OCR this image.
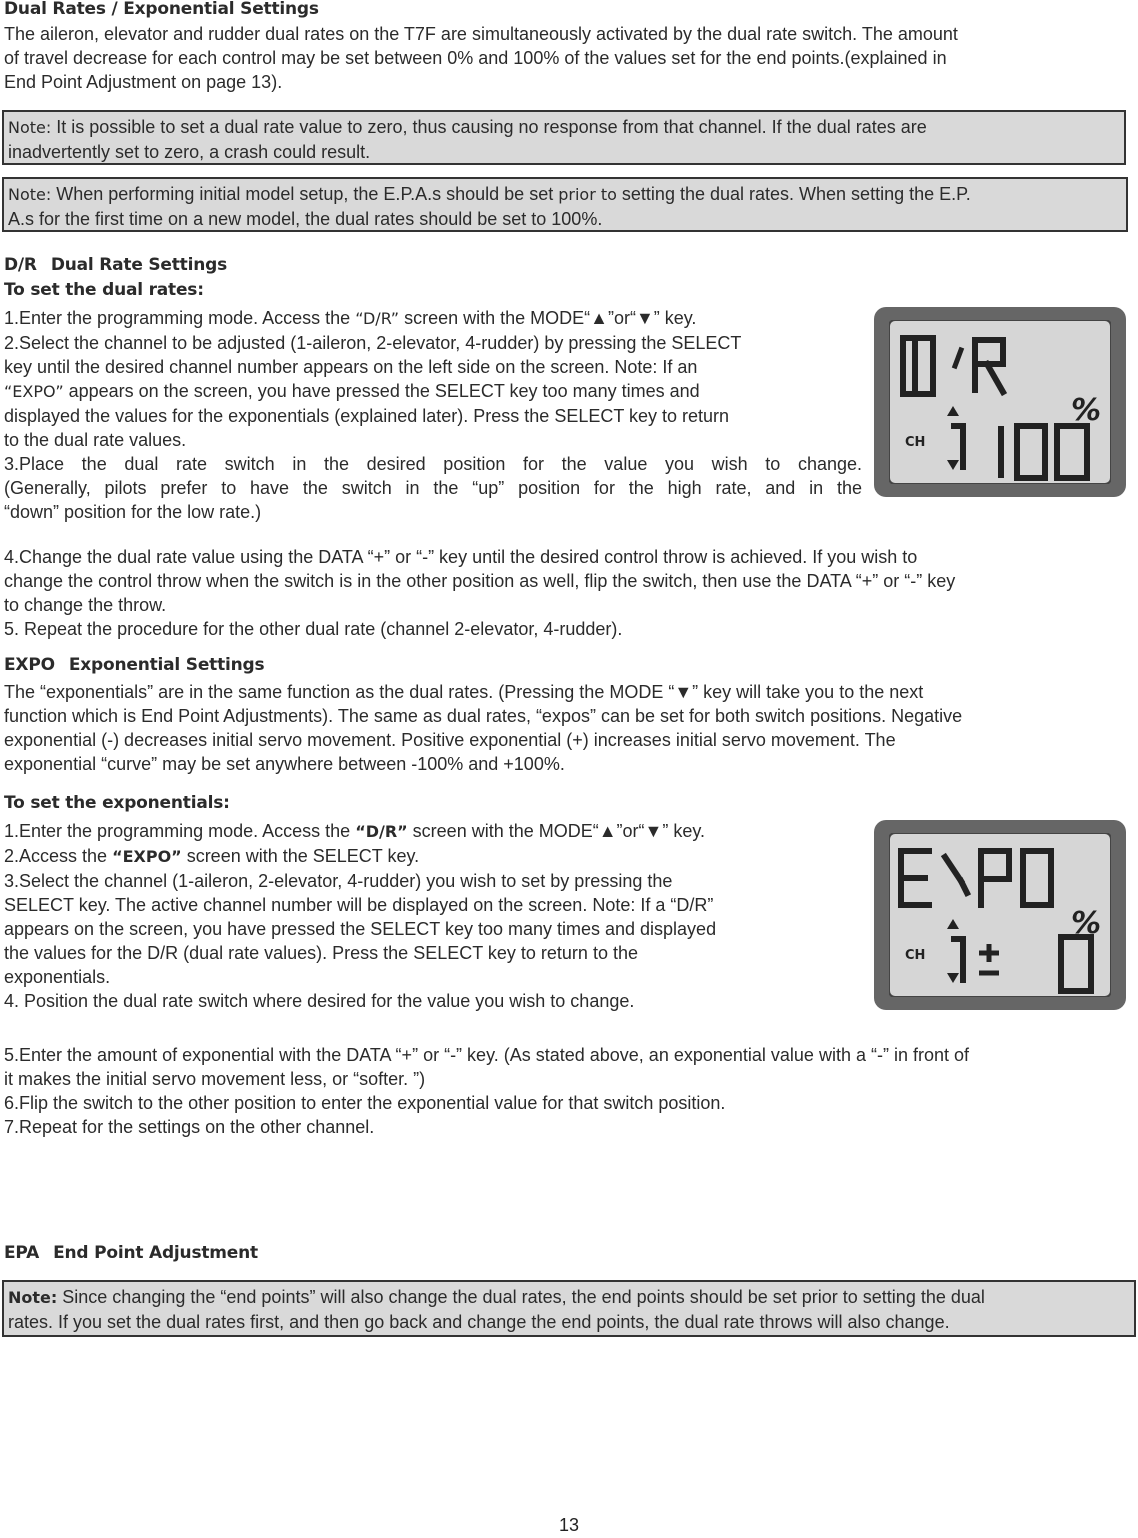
Dual Rates / Exponential Settings
The aileron, elevator and rudder dual rates on the T7F are simultaneously activated by the dual rate switch. The amount
of travel decrease for each control may be set between 0% and 100% of the values set for the end points.(explained in
End Point Adjustment on page 13).
Note: It is possible to set a dual rate value to zero, thus causing no response from that channel. If the dual rates are
inadvertently set to zero, a crash could result.
Note: When performing initial model setup, the E.P.A.s should be set prior to setting the dual rates. When setting the E.P.
A.s for the first time on a new model, the dual rates should be set to 100%.
D/R Dual Rate Settings
To set the dual rates:
1.Enter the programming mode. Access the “D/R” screen with the MODE“▲”or“▼” key.
2.Select the channel to be adjusted (1-aileron, 2-elevator, 4-rudder) by pressing the SELECT
key until the desired channel number appears on the left side on the screen. Note: If an
“EXPO” appears on the screen, you have pressed the SELECT key too many times and
displayed the values for the exponentials (explained later). Press the SELECT key to return
to the dual rate values.
3.Place the dual rate switch in the desired position for the value you wish to change.
(Generally, pilots prefer to have the switch in the “up” position for the high rate, and in the
“down” position for the low rate.)
%
CH
4.Change the dual rate value using the DATA “+” or “-” key until the desired control throw is achieved. If you wish to
change the control throw when the switch is in the other position as well, flip the switch, then use the DATA “+” or “-” key
to change the throw.
5. Repeat the procedure for the other dual rate (channel 2-elevator, 4-rudder).
EXPO Exponential Settings
The “exponentials” are in the same function as the dual rates. (Pressing the MODE “▼” key will take you to the next
function which is End Point Adjustments). The same as dual rates, “expos” can be set for both switch positions. Negative
exponential (-) decreases initial servo movement. Positive exponential (+) increases initial servo movement. The
exponential “curve” may be set anywhere between -100% and +100%.
To set the exponentials:
1.Enter the programming mode. Access the “D/R” screen with the MODE“▲”or“▼” key.
2.Access the “EXPO” screen with the SELECT key.
3.Select the channel (1-aileron, 2-elevator, 4-rudder) you wish to set by pressing the
SELECT key. The active channel number will be displayed on the screen. Note: If a “D/R”
appears on the screen, you have pressed the SELECT key too many times and displayed
the values for the D/R (dual rate values). Press the SELECT key to return to the
exponentials.
4. Position the dual rate switch where desired for the value you wish to change.
%
CH
5.Enter the amount of exponential with the DATA “+” or “-” key. (As stated above, an exponential value with a “-” in front of
it makes the initial servo movement less, or “softer. ”)
6.Flip the switch to the other position to enter the exponential value for that switch position.
7.Repeat for the settings on the other channel.
EPA End Point Adjustment
Note: Since changing the “end points” will also change the dual rates, the end points should be set prior to setting the dual
rates. If you set the dual rates first, and then go back and change the end points, the dual rate throws will also change.
13
